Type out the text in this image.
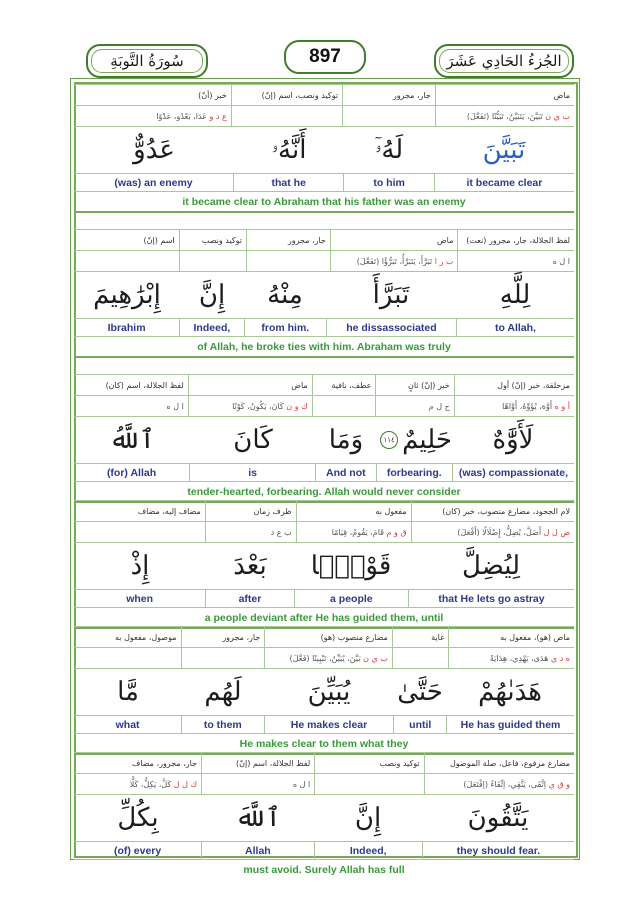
سُورَةُ التَّوبَةِ	897	الجُزءُ الحَادِي عَشَرَ
ماض
جار، مجرور
توكيد ونصب، اسم (إنّ)
خبر (أنّ)
ب ي ن

تَبَيَّنَ، يَتَبَيَّنُ، تَبَيُّنًا (تَفَعَّلَ)
ع د و

عَدَا، يَعْدُو، عَدْوًا
تَبَيَّنَ
لَهُۥٓ
أَنَّهُۥ
عَدُوٌّ
it became clear
to him
that he
(was) an enemy
it became clear to Abraham that his father was an enemy
لفظ الجلالة، جار، مجرور (نعت)
ماض
جار، مجرور
توكيد ونصب
اسم (إنّ)
ا ل ه
ب ر ا

تَبَرَّأَ، يَتَبَرَّأُ، تَبَرُّؤًا (تَفَعَّلَ)
لِلَّهِ
تَبَرَّأَ
مِنْهُ
إِنَّ
إِبْرَٰهِيمَ
to Allah,
he dissassociated
from him.
Indeed,
Ibrahim
of Allah, he broke ties with him. Abraham was truly
مزحلقة، خبر (إنّ) أول
خبر (إنّ) ثانٍ
عطف، نافية
ماض
لفظ الجلالة، اسم (كان)
أ و ه

أَوَّهَ، يُؤَوِّهُ، أَوَّاهًا
ح ل م
ك و ن

كَانَ، يَكُونُ، كَوْنًا
ا ل ه
لَأَوَّٰهٌ
حَلِيمٌ
١١٤
وَمَا
كَانَ
ٱللَّهُ
(was) compassionate,
forbearing.
And not
is
(for) Allah
tender-hearted, forbearing. Allah would never consider
لام الجحود، مضارع منصوب، خبر (كان)
مفعول به
ظرف زمان
مضاف إليه، مضاف
ض ل ل

أَضَلَّ، يُضِلُّ، إِضْلَالًا (أَفْعَلَ)
ق و م

قَامَ، يَقُومُ، قِيَامًا
ب ع د
لِيُضِلَّ
قَوْمًۢا
بَعْدَ
إِذْ
that He lets go astray
a people
after
when
a people deviant after He has guided them, until
ماض (هو)، مفعول به
غاية
مضارع منصوب (هو)
جار، مجرور
موصول، مفعول به
ه د ي

هَدَى، يَهْدِي، هِدَايَةً
ب ي ن

بَيَّنَ، يُبَيِّنُ، تَبْيِينًا (فَعَّلَ)
هَدَىٰهُمْ
حَتَّىٰ
يُبَيِّنَ
لَهُم
مَّا
He has guided them
until
He makes clear
to them
what
He makes clear to them what they
مضارع مرفوع، فاعل، صلة الموصول
توكيد ونصب
لفظ الجلالة، اسم (إنّ)
جار، مجرور، مضاف
و ق ي

اِتَّقَى، يَتَّقِي، اِتِّقَاءً (اِفْتَعَلَ)
ا ل ه
ك ل ل

كَلَّ، يَكِلُّ، كَلًّا
يَتَّقُونَ
إِنَّ
ٱللَّهَ
بِكُلِّ
they should fear.
Indeed,
Allah
(of) every
must avoid. Surely Allah has full
